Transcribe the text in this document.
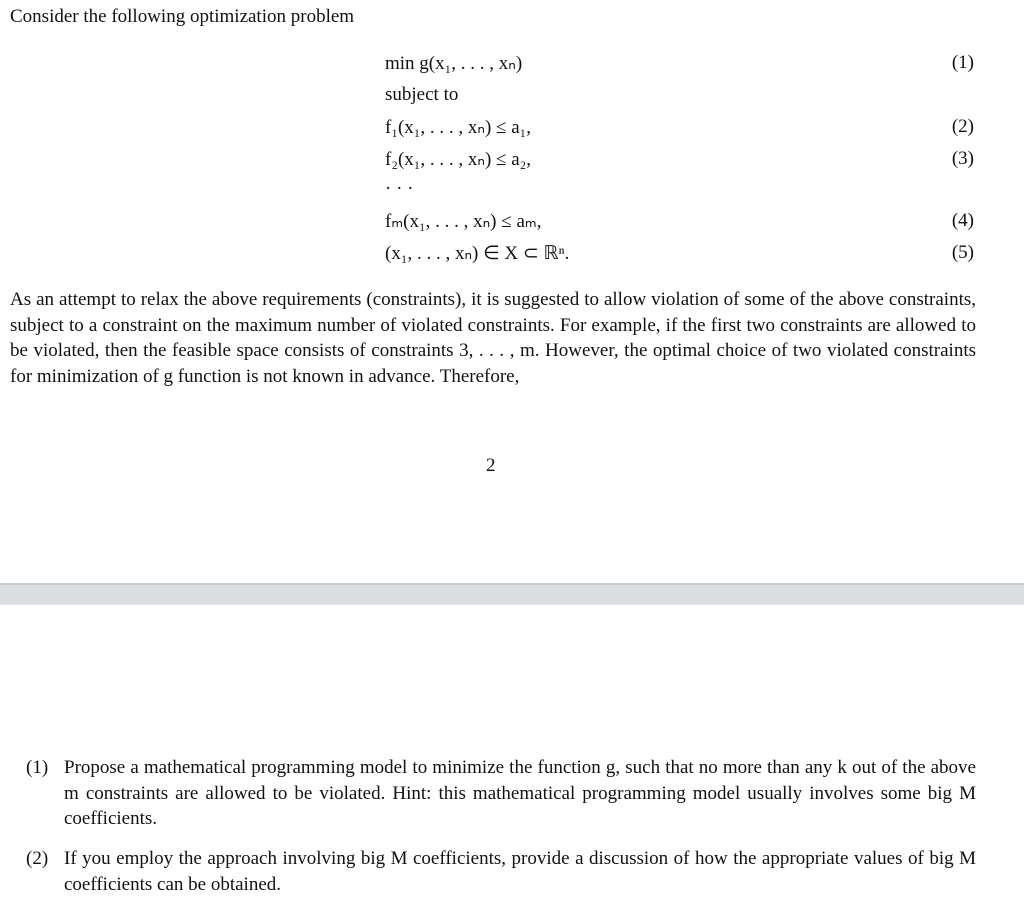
Consider the following optimization problem
min g(x₁, . . . , xₙ)	(1)
subject to
f₁(x₁, . . . , xₙ) ≤ a₁,	(2)
f₂(x₁, . . . , xₙ) ≤ a₂,	(3)
· · ·
fₘ(x₁, . . . , xₙ) ≤ aₘ,	(4)
(x₁, . . . , xₙ) ∈ X ⊂ ℝⁿ.	(5)
As an attempt to relax the above requirements (constraints), it is suggested to allow violation of some of the above constraints, subject to a constraint on the maximum number of violated constraints. For example, if the first two constraints are allowed to be violated, then the feasible space consists of constraints 3, . . . , m. However, the optimal choice of two violated constraints for minimization of g function is not known in advance. Therefore,
2
(1) Propose a mathematical programming model to minimize the function g, such that no more than any k out of the above m constraints are allowed to be violated. Hint: this mathematical programming model usually involves some big M coefficients.
(2) If you employ the approach involving big M coefficients, provide a discussion of how the appropriate values of big M coefficients can be obtained.
